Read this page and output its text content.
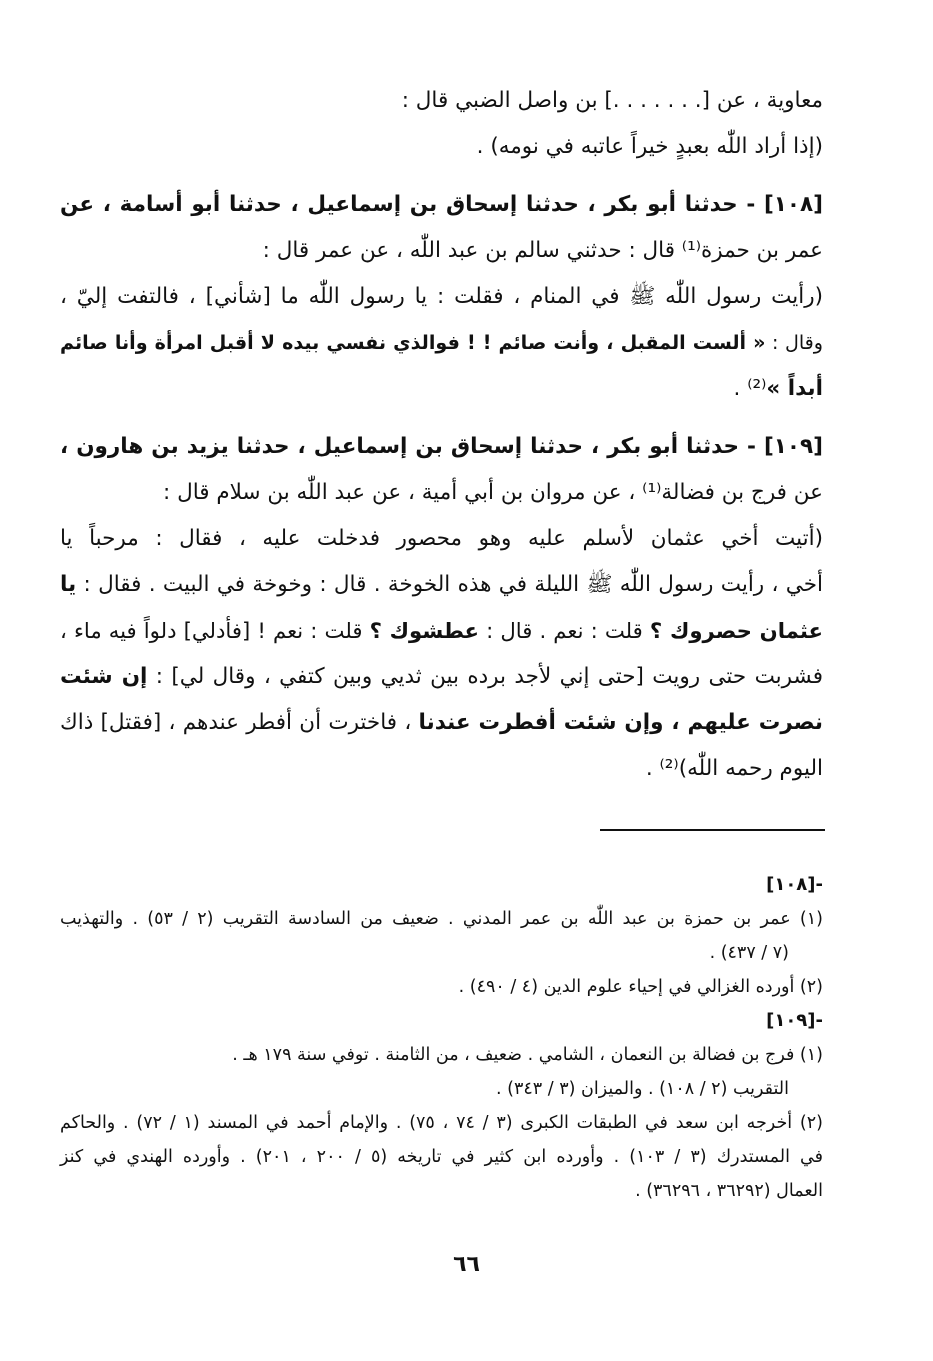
معاوية ، عن [. . . . . . .] بن واصل الضبي قال :
(إذا أراد اللّٰه بعبدٍ خيراً عاتبه في نومه) .
[١٠٨] - حدثنا أبو بكر ، حدثنا إسحاق بن إسماعيل ، حدثنا أبو أسامة ، عن
عمر بن حمزة⁽¹⁾ قال : حدثني سالم بن عبد اللّٰه ، عن عمر قال :
(رأيت رسول اللّٰه ﷺ في المنام ، فقلت : يا رسول اللّٰه ما [شأني] ، فالتفت إليّ ،
وقال : « ألست المقبل ، وأنت صائم ! ! فوالذي نفسي بيده لا أقبل امرأة وأنا صائم
أبداً »⁽²⁾ .
[١٠٩] - حدثنا أبو بكر ، حدثنا إسحاق بن إسماعيل ، حدثنا يزيد بن هارون ،
عن فرج بن فضالة⁽¹⁾ ، عن مروان بن أبي أمية ، عن عبد اللّٰه بن سلام قال :
(أتيت أخي عثمان لأسلم عليه وهو محصور فدخلت عليه ، فقال : مرحباً يا
أخي ، رأيت رسول اللّٰه ﷺ الليلة في هذه الخوخة . قال : وخوخة في البيت . فقال : يا
عثمان حصروك ؟ قلت : نعم . قال : عطشوك ؟ قلت : نعم ! [فأدلي] دلواً فيه ماء ،
فشربت حتى رويت [حتى إني لأجد برده بين ثديي وبين كتفي ، وقال لي] : إن شئت
نصرت عليهم ، وإن شئت أفطرت عندنا ، فاخترت أن أفطر عندهم ، [فقتل] ذاك
اليوم رحمه اللّٰه)⁽²⁾ .
-[١٠٨]
(١) عمر بن حمزة بن عبد اللّٰه بن عمر المدني . ضعيف من السادسة التقريب (٢ / ٥٣) . والتهذيب
(٧ / ٤٣٧) .
(٢) أورده الغزالي في إحياء علوم الدين (٤ / ٤٩٠) .
-[١٠٩]
(١) فرج بن فضالة بن النعمان ، الشامي . ضعيف ، من الثامنة . توفي سنة ١٧٩ هـ .
التقريب (٢ / ١٠٨) . والميزان (٣ / ٣٤٣) .
(٢) أخرجه ابن سعد في الطبقات الكبرى (٣ / ٧٤ ، ٧٥) . والإمام أحمد في المسند (١ / ٧٢) . والحاكم
في المستدرك (٣ / ١٠٣) . وأورده ابن كثير في تاريخه (٥ / ٢٠٠ ، ٢٠١) . وأورده الهندي في كنز
العمال (٣٦٢٩٢ ، ٣٦٢٩٦) .
٦٦
